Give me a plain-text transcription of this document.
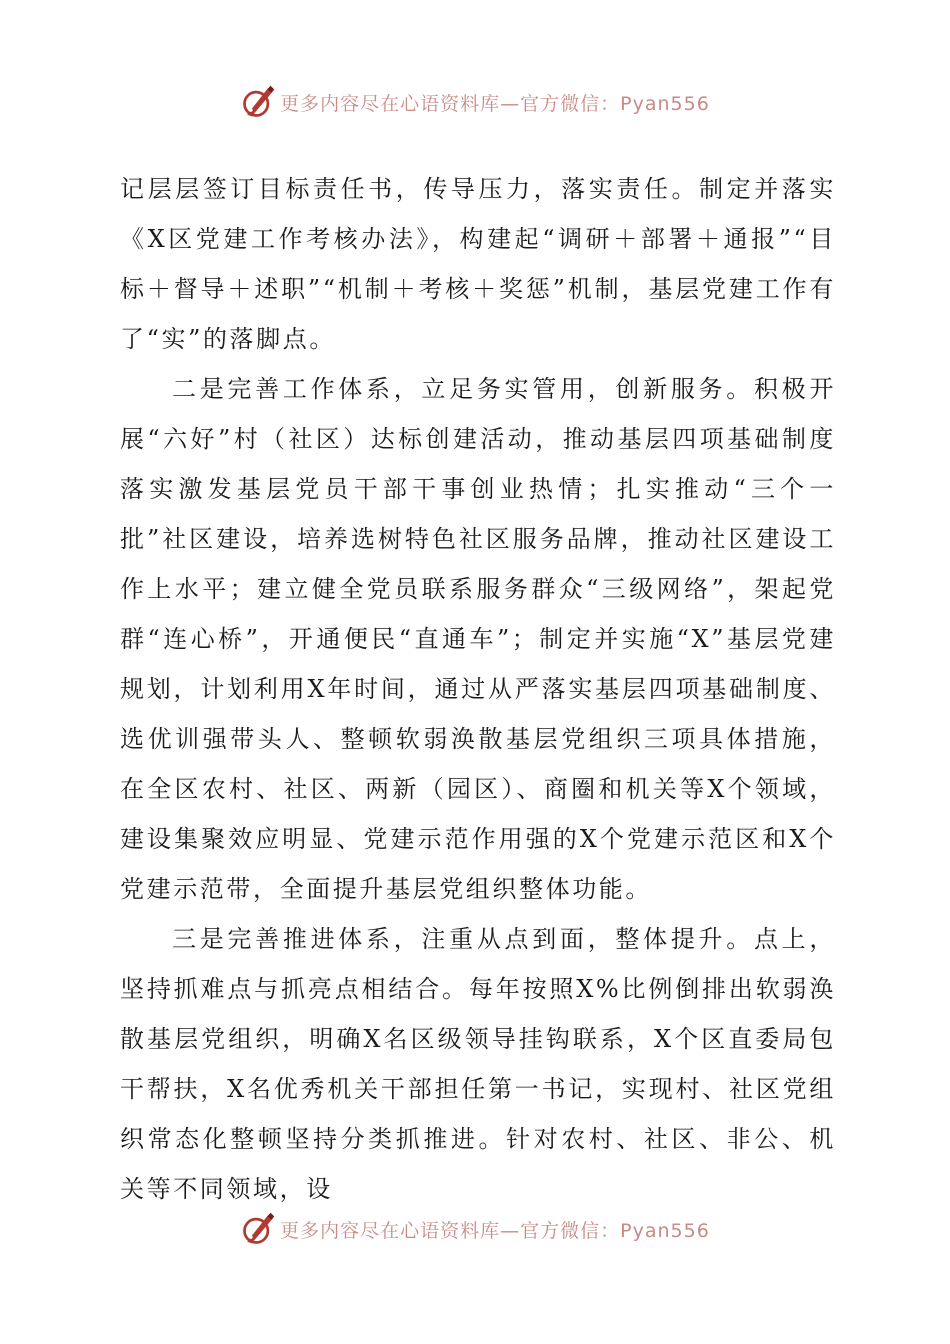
更多内容尽在心语资料库—官方微信：Pyan556

记层层签订目标责任书，传导压力，落实责任。制定并落实《X区党建工作考核办法》，构建起“调研＋部署＋通报”“目标＋督导＋述职”“机制＋考核＋奖惩”机制，基层党建工作有了“实”的落脚点。

二是完善工作体系，立足务实管用，创新服务。积极开展“六好”村（社区）达标创建活动，推动基层四项基础制度落实激发基层党员干部干事创业热情；扎实推动“三个一批”社区建设，培养选树特色社区服务品牌，推动社区建设工作上水平；建立健全党员联系服务群众“三级网络”，架起党群“连心桥”，开通便民“直通车”；制定并实施“X”基层党建规划，计划利用X年时间，通过从严落实基层四项基础制度、选优训强带头人、整顿软弱涣散基层党组织三项具体措施，在全区农村、社区、两新（园区）、商圈和机关等X个领域，建设集聚效应明显、党建示范作用强的X个党建示范区和X个党建示范带，全面提升基层党组织整体功能。

三是完善推进体系，注重从点到面，整体提升。点上，坚持抓难点与抓亮点相结合。每年按照X%比例倒排出软弱涣散基层党组织，明确X名区级领导挂钩联系，X个区直委局包干帮扶，X名优秀机关干部担任第一书记，实现村、社区党组织常态化整顿坚持分类抓推进。针对农村、社区、非公、机关等不同领域，设

更多内容尽在心语资料库—官方微信：Pyan556
